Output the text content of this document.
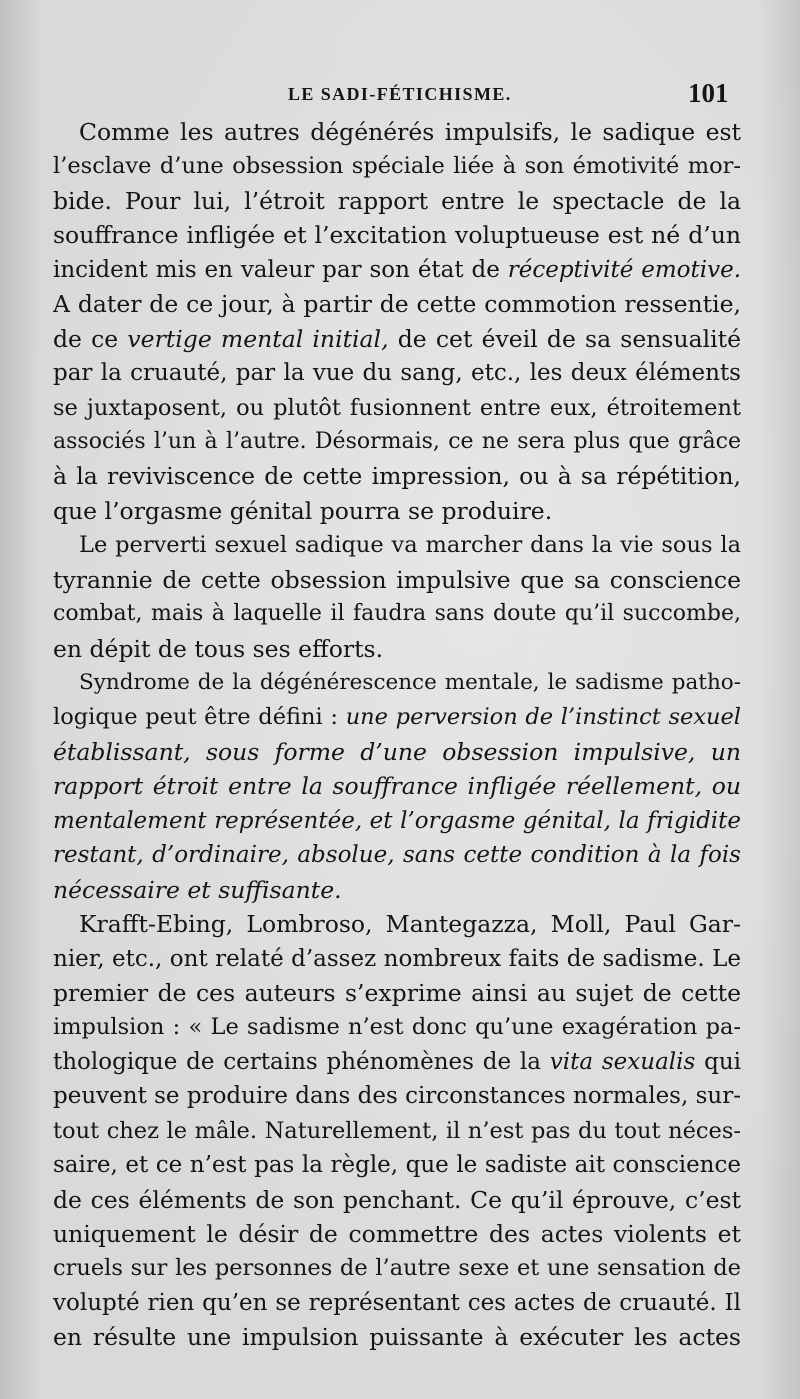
LE SADI-FÉTICHISME.	101
Comme les autres dégénérés impulsifs, le sadique est
l’esclave d’une obsession spéciale liée à son émotivité mor-
bide. Pour lui, l’étroit rapport entre le spectacle de la
souffrance infligée et l’excitation voluptueuse est né d’un
incident mis en valeur par son état de réceptivité emotive.
A dater de ce jour, à partir de cette commotion ressentie,
de ce vertige mental initial, de cet éveil de sa sensualité
par la cruauté, par la vue du sang, etc., les deux éléments
se juxtaposent, ou plutôt fusionnent entre eux, étroitement
associés l’un à l’autre. Désormais, ce ne sera plus que grâce
à la reviviscence de cette impression, ou à sa répétition,
que l’orgasme génital pourra se produire.
Le perverti sexuel sadique va marcher dans la vie sous la
tyrannie de cette obsession impulsive que sa conscience
combat, mais à laquelle il faudra sans doute qu’il succombe,
en dépit de tous ses efforts.
Syndrome de la dégénérescence mentale, le sadisme patho-
logique peut être défini : une perversion de l’instinct sexuel
établissant, sous forme d’une obsession impulsive, un
rapport étroit entre la souffrance infligée réellement, ou
mentalement représentée, et l’orgasme génital, la frigidite
restant, d’ordinaire, absolue, sans cette condition à la fois
nécessaire et suffisante.
Krafft-Ebing, Lombroso, Mantegazza, Moll, Paul Gar-
nier, etc., ont relaté d’assez nombreux faits de sadisme. Le
premier de ces auteurs s’exprime ainsi au sujet de cette
impulsion : « Le sadisme n’est donc qu’une exagération pa-
thologique de certains phénomènes de la vita sexualis qui
peuvent se produire dans des circonstances normales, sur-
tout chez le mâle. Naturellement, il n’est pas du tout néces-
saire, et ce n’est pas la règle, que le sadiste ait conscience
de ces éléments de son penchant. Ce qu’il éprouve, c’est
uniquement le désir de commettre des actes violents et
cruels sur les personnes de l’autre sexe et une sensation de
volupté rien qu’en se représentant ces actes de cruauté. Il
en résulte une impulsion puissante à exécuter les actes
